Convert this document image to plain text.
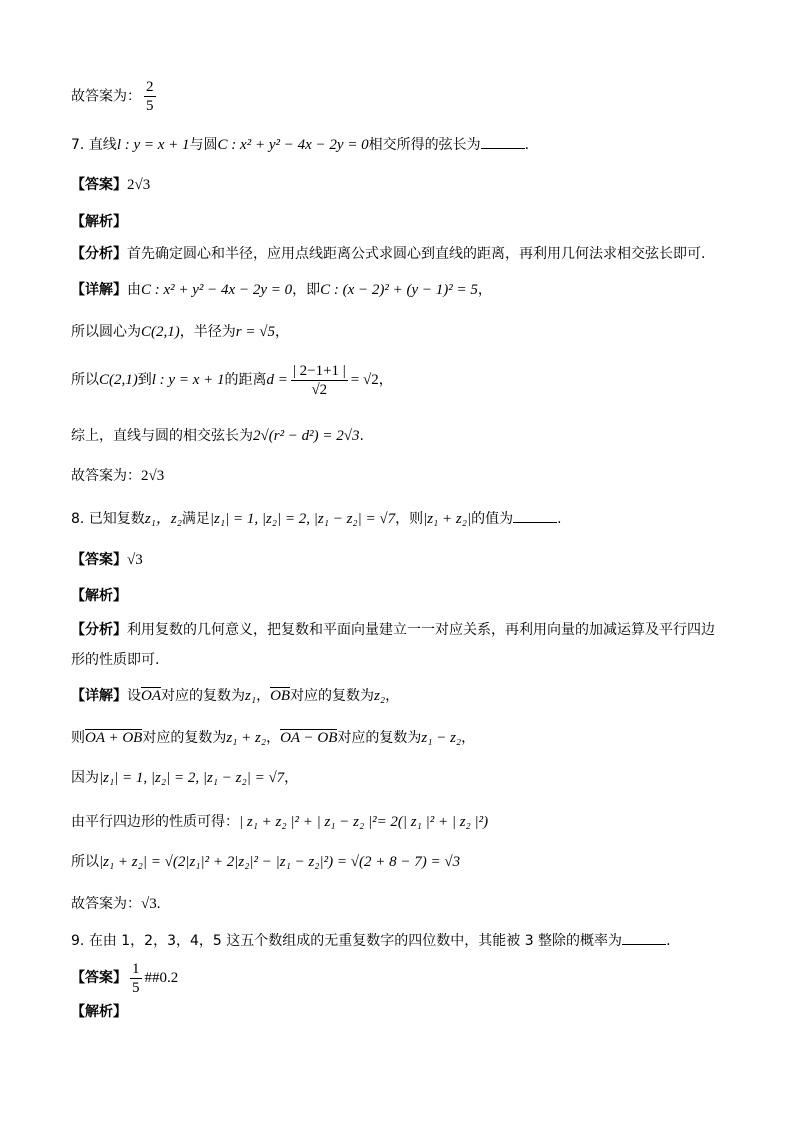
故答案为： $\frac{2}{5}$
7. 直线l : y = x + 1与圆C : x² + y² − 4x − 2y = 0相交所得的弦长为	.
【答案】2√3
【解析】
【分析】首先确定圆心和半径，应用点线距离公式求圆心到直线的距离，再利用几何法求相交弦长即可.
【详解】由C : x² + y² − 4x − 2y = 0，即C : (x − 2)² + (y − 1)² = 5，
所以圆心为C(2,1)，半径为r = √5，
所以C(2,1)到l : y = x + 1的距离$d = \frac{| 2-1+1 |}{√2} = √2$，
综上，直线与圆的相交弦长为2√(r² − d²) = 2√3.
故答案为：2√3
8. 已知复数z₁，z₂满足|z₁| = 1, |z₂| = 2, |z₁ − z₂| = √7，则|z₁ + z₂|的值为	.
【答案】√3
【解析】
【分析】利用复数的几何意义，把复数和平面向量建立一一对应关系，再利用向量的加减运算及平行四边
形的性质即可.
【详解】设OA对应的复数为z₁，OB对应的复数为z₂，
则OA + OB对应的复数为z₁ + z₂，OA − OB对应的复数为z₁ − z₂，
因为|z₁| = 1, |z₂| = 2, |z₁ − z₂| = √7，
由平行四边形的性质可得：| z₁ + z₂ |² + | z₁ − z₂ |²= 2(| z₁ |² + | z₂ |²)
所以|z₁ + z₂| = √(2|z₁|² + 2|z₂|² − |z₁ − z₂|²) = √(2 + 8 − 7) = √3
故答案为：√3.
9. 在由 1，2，3，4，5 这五个数组成的无重复数字的四位数中，其能被 3 整除的概率为	.
【答案】 $\frac{1}{5}$ ##0.2
【解析】
